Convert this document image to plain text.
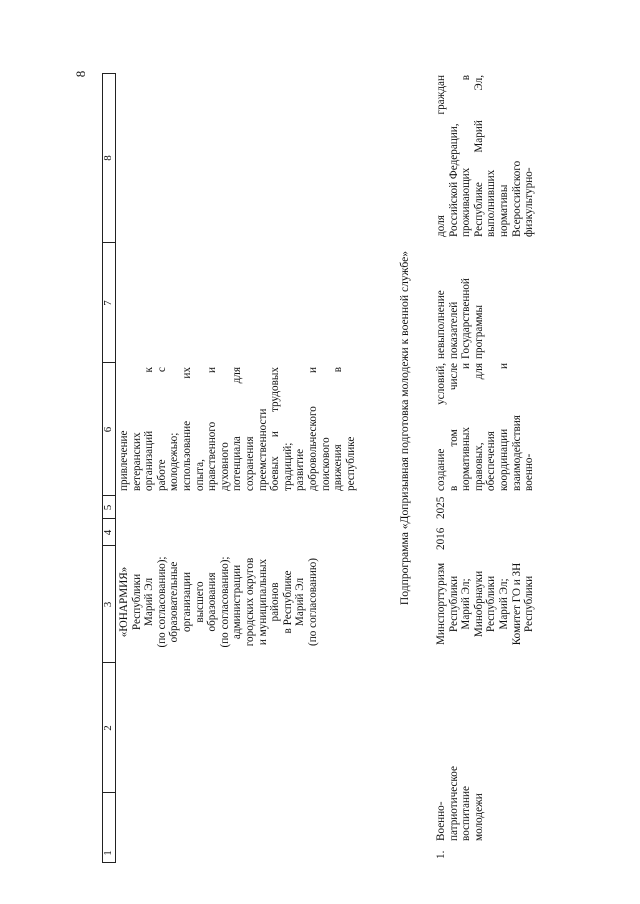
8
1
2
3
4
5
6
7
8
«ЮНАРМИЯ» Республики Марий Эл (по согласованию); образовательные организации высшего образования (по согласованию); администрации городских округов и муниципальных районов в Республике Марий Эл (по согласованию)
привлечение ветеранских организаций к работе с молодежью; использование их опыта, нравственного и духовного потенциала для сохранения преемственности боевых и трудовых традиций; развитие добровольческого и поискового движения в республике	Подпрограмма «Допризывная подготовка молодежи к военной службе»
1.
Военно- патриотическое воспитание молодежи
Минспорттуризм Республики Марий Эл; Минобрнауки Республики Марий Эл; Комитет ГО и ЗН Республики
2016
2025
создание условий, в том числе нормативных и правовых, для обеспечения координации и взаимодействия военно-
невыполнение показателей Государственной программы
доля граждан Российской Федерации, проживающих в Республике Марий Эл, выполнивших нормативы Всероссийского физкультурно-
